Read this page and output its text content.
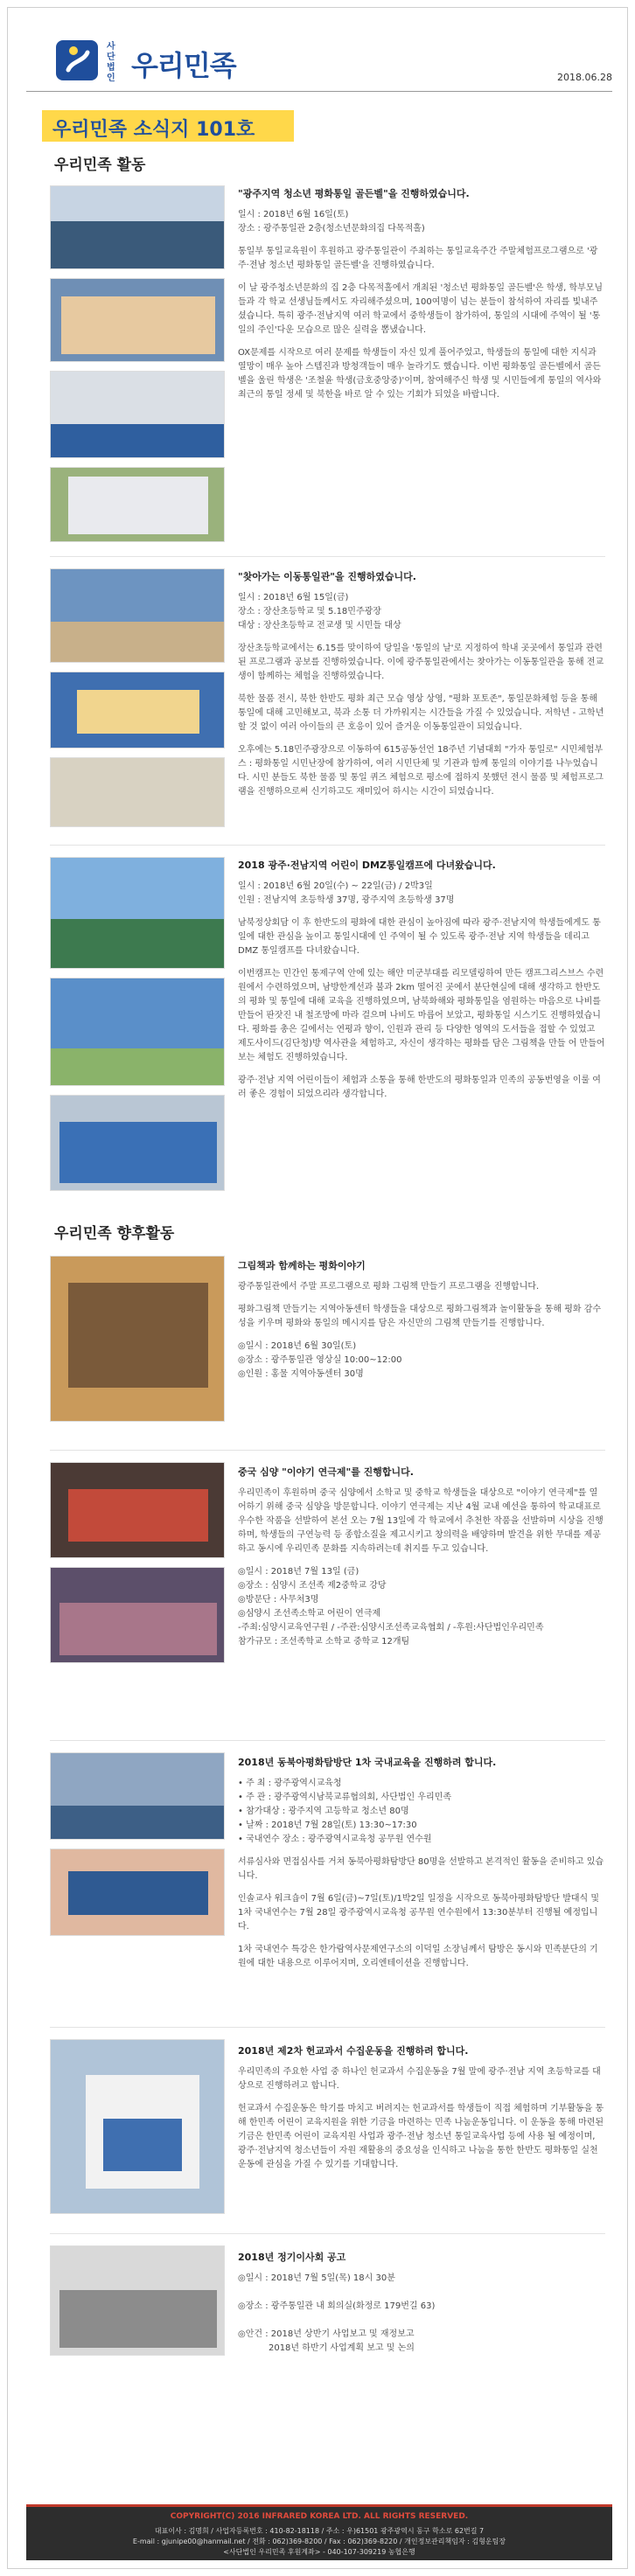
사단법인 우리민족	2018.06.28
우리민족 소식지 101호
우리민족 활동
"광주지역 청소년 평화통일 골든벨"을 진행하였습니다.

일시 : 2018년 6월 16일(토)

장소 : 광주통일관 2층(청소년문화의집 다목적홀)

통일부 통일교육원이 후원하고 광주통일관이 주최하는 통일교육주간 주말체험프로그램으로 '광주·전남 청소년 평화통일 골든벨'을 진행하였습니다.

이 날 광주청소년문화의 집 2층 다목적홀에서 개최된 '청소년 평화통일 골든벨'은 학생, 학부모님들과 각 학교 선생님들께서도 자리해주셨으며, 100여명이 넘는 분들이 참석하여 자리를 빛내주셨습니다. 특히 광주·전남지역 여러 학교에서 중학생들이 참가하여, 통일의 시대에 주역이 될 '통일의 주인'다운 모습으로 많은 실력을 뽐냈습니다.

OX문제를 시작으로 여러 문제를 학생들이 자신 있게 풀어주었고, 학생들의 통일에 대한 지식과 열망이 매우 높아 스텝진과 방청객들이 매우 놀라기도 했습니다. 이번 평화통일 골든벨에서 골든벨을 울린 학생은 '조철윤 학생(금호중앙중)'이며, 참여해주신 학생 및 시민들에게 통일의 역사와 최근의 통일 정세 및 북한을 바로 알 수 있는 기회가 되었을 바랍니다.

"찾아가는 이동통일관"을 진행하였습니다.

일시 : 2018년 6월 15일(금)

장소 : 장산초등학교 및 5.18민주광장

대상 : 장산초등학교 전교생 및 시민들 대상

장산초등학교에서는 6.15를 맞이하여 당일을 '통일의 날'로 지정하여 학내 곳곳에서 통일과 관련된 프로그램과 공보를 진행하였습니다. 이에 광주통일관에서는 찾아가는 이동통일관을 통해 전교생이 함께하는 체험을 진행하였습니다.

북한 물품 전시, 북한 한반도 평화 최근 모습 영상 상영, "평화 포토존", 통일문화체험 등을 통해 통일에 대해 고민해보고, 북과 소통 더 가까워지는 시간들을 가질 수 있었습니다. 저학년 - 고학년 할 것 없이 여러 아이들의 큰 호응이 있어 즐거운 이동통일관이 되었습니다.

오후에는 5.18민주광장으로 이동하여 615공동선언 18주년 기념대회 "가자 통일로" 시민체험부스 : 평화통일 시민난장에 참가하여, 여러 시민단체 및 기관과 함께 통일의 이야기를 나누었습니다. 시민 분들도 북한 물품 및 통일 퀴즈 체험으로 평소에 접하지 못했던 전시 물품 및 체험프로그램을 진행하으로써 신기하고도 재미있어 하시는 시간이 되었습니다.

2018 광주·전남지역 어린이 DMZ통일캠프에 다녀왔습니다.

일시 : 2018년 6월 20일(수) ~ 22일(금) / 2박3일

인원 : 전남지역 초등학생 37명, 광주지역 초등학생 37명

남북정상회담 이 후 한반도의 평화에 대한 관심이 높아짐에 따라 광주·전남지역 학생들에게도 통일에 대한 관심을 높이고 통일시대에 인 주역이 될 수 있도록 광주·전남 지역 학생들을 데리고 DMZ 통일캠프를 다녀왔습니다.

이번캠프는 민간인 통제구역 안에 있는 해안 미군부대를 리모델링하여 만든 캠프그리스브스 수련원에서 수련하였으며, 남방한계선과 불과 2km 떨어진 곳에서 분단현실에 대해 생각하고 한반도의 평화 및 통일에 대해 교육을 진행하였으며, 남북화해와 평화통일을 염원하는 마음으로 나비를 만들어 판잣진 내 철조망에 마라 걸으며 나비도 마릅어 보았고, 평화통일 시스기도 진행하였습니다. 평화를 총은 길에서는 연평과 향이, 인원과 관리 등 다양한 영역의 도서들을 접할 수 있었고 제도사이드(김단청)방 역사관을 체험하고, 자신이 생각하는 평화를 담은 그림책을 만들 어 만들어 보는 체험도 진행하였습니다.

광주·전남 지역 어린이들이 체험과 소통을 통해 한반도의 평화통일과 민족의 공동번영을 이룰 여러 좋은 경험이 되었으리라 생각합니다.

우리민족 향후활동
그림책과 함께하는 평화이야기

광주통일관에서 주말 프로그램으로 평화 그림책 만들기 프로그램을 진행합니다.

평화그림책 만들기는 지역아동센터 학생들을 대상으로 평화그림책과 놀이활동을 통해 평화 감수성을 키우며 평화와 통일의 메시지를 담은 자신만의 그림책 만들기를 진행합니다.

◎일시 : 2018년 6월 30일(토)

◎장소 : 광주통일관 영상실 10:00~12:00

◎인원 : 홍물 지역아동센터 30명

중국 심양 "이야기 연극제"를 진행합니다.

우리민족이 후원하며 중국 심양에서 소학교 및 중학교 학생들을 대상으로 "이야기 연극제"를 열어하기 위해 중국 심양을 방문합니다. 이야기 연극제는 지난 4월 교내 예선을 통하여 학교대표로 우수한 작품을 선발하여 본선 오는 7월 13일에 각 학교에서 추천한 작품을 선발하며 시상을 진행하며, 학생들의 구연능력 등 종합소질을 제고시키고 창의력을 배양하며 발견을 위한 무대를 제공하고 동시에 우리민족 문화를 지속하려는데 취지를 두고 있습니다.

◎일시 : 2018년 7월 13일 (금)

◎장소 : 심양시 조선족 제2중학교 강당

◎방문단 : 사무처3명

◎심양시 조선족소학교 어린이 연극제

-주최:심양시교육연구원 / -주관:심양시조선족교육협회 / -후원:사단법인우리민족

참가규모 : 조선족학교 소학교 중학교 12개팀

2018년 동북아평화탐방단 1차 국내교육을 진행하려 합니다.

• 주 최 : 광주광역시교육청

• 주 관 : 광주광역시남북교류협의회, 사단법인 우리민족

• 참가대상 : 광주지역 고등학교 청소년 80명

• 날짜 : 2018년 7월 28일(토) 13:30~17:30

• 국내연수 장소 : 광주광역시교육청 공무원 연수원

서류심사와 면접심사를 거쳐 동북아평화탐방단 80명을 선발하고 본격적인 활동을 준비하고 있습니다.

인솔교사 워크숍이 7월 6일(금)~7일(토)/1박2일 일정을 시작으로 동북아평화탐방단 발대식 및 1차 국내연수는 7월 28일 광주광역시교육청 공무원 연수원에서 13:30분부터 진행될 예정입니다.

1차 국내연수 특강은 한가람역사문제연구소의 이덕일 소장님께서 탐방은 동시와 민족분단의 기원에 대한 내용으로 이루어지며, 오리엔테이션을 진행합니다.

2018년 제2차 헌교과서 수집운동을 진행하려 합니다.

우리민족의 주요한 사업 중 하나인 헌교과서 수집운동을 7월 말에 광주·전남 지역 초등학교를 대상으로 진행하려고 합니다.

헌교과서 수집운동은 학기를 마치고 버려지는 헌교과서를 학생들이 직접 체험하며 기부활동을 통해 한민족 어린이 교육지원을 위한 기금을 마련하는 민족 나눔운동입니다. 이 운동을 통해 마련된 기금은 한민족 어린이 교육지원 사업과 광주·전남 청소년 통일교육사업 등에 사용 될 예정이며, 광주·전남지역 청소년들이 자원 재활용의 중요성을 인식하고 나눔을 통한 한반도 평화통일 실천운동에 관심을 가질 수 있기를 기대합니다.

2018년 정기이사회 공고

◎일시 : 2018년 7월 5일(목) 18시 30분

◎장소 : 광주통일관 내 회의실(화정로 179번길 63)

◎안건 : 2018년 상반기 사업보고 및 재정보고

2018년 하반기 사업계획 보고 및 논의

COPYRIGHT(C) 2016 INFRARED KOREA LTD. ALL RIGHTS RESERVED.
대표이사 : 김명희 / 사업자등록번호 : 410-82-18118 / 주소 : 우)61501 광주광역시 동구 학소로 62번길 7
E-mail : gjunipe00@hanmail.net / 전화 : 062)369-8200 / Fax : 062)369-8220 / 개인정보관리책임자 : 김형운팀장
<사단법인 우리민족 후원계좌> - 040-107-309219 농협은행
